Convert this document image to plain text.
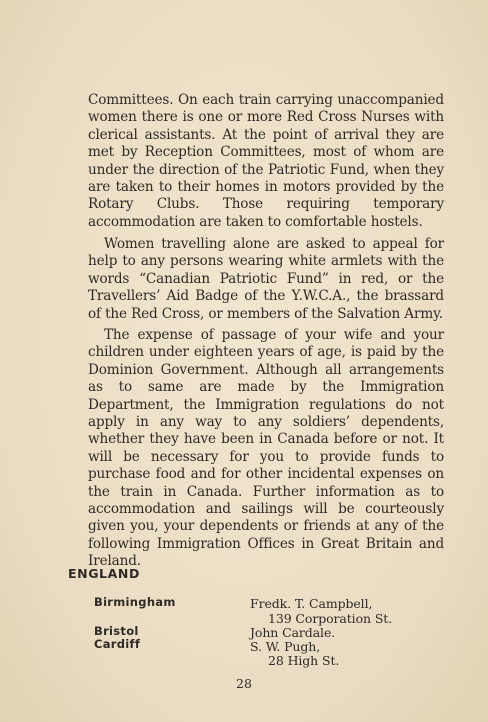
Committees. On each train carrying unaccompanied women there is one or more Red Cross Nurses with clerical assistants. At the point of arrival they are met by Reception Committees, most of whom are under the direction of the Patriotic Fund, when they are taken to their homes in motors provided by the Rotary Clubs. Those requiring temporary accommodation are taken to comfortable hostels.

Women travelling alone are asked to appeal for help to any persons wearing white armlets with the words “Canadian Patriotic Fund” in red, or the Travellers’ Aid Badge of the Y.W.C.A., the brassard of the Red Cross, or members of the Salvation Army.

The expense of passage of your wife and your children under eighteen years of age, is paid by the Dominion Government. Although all arrangements as to same are made by the Immigration Department, the Immigration regulations do not apply in any way to any soldiers’ dependents, whether they have been in Canada before or not. It will be necessary for you to provide funds to purchase food and for other incidental expenses on the train in Canada. Further information as to accommodation and sailings will be courteously given you, your dependents or friends at any of the following Immigration Offices in Great Britain and Ireland.

ENGLAND
Birmingham
Bristol
Cardiff
Fredk. T. Campbell,
139 Corporation St.
John Cardale.
S. W. Pugh,
28 High St.
28
